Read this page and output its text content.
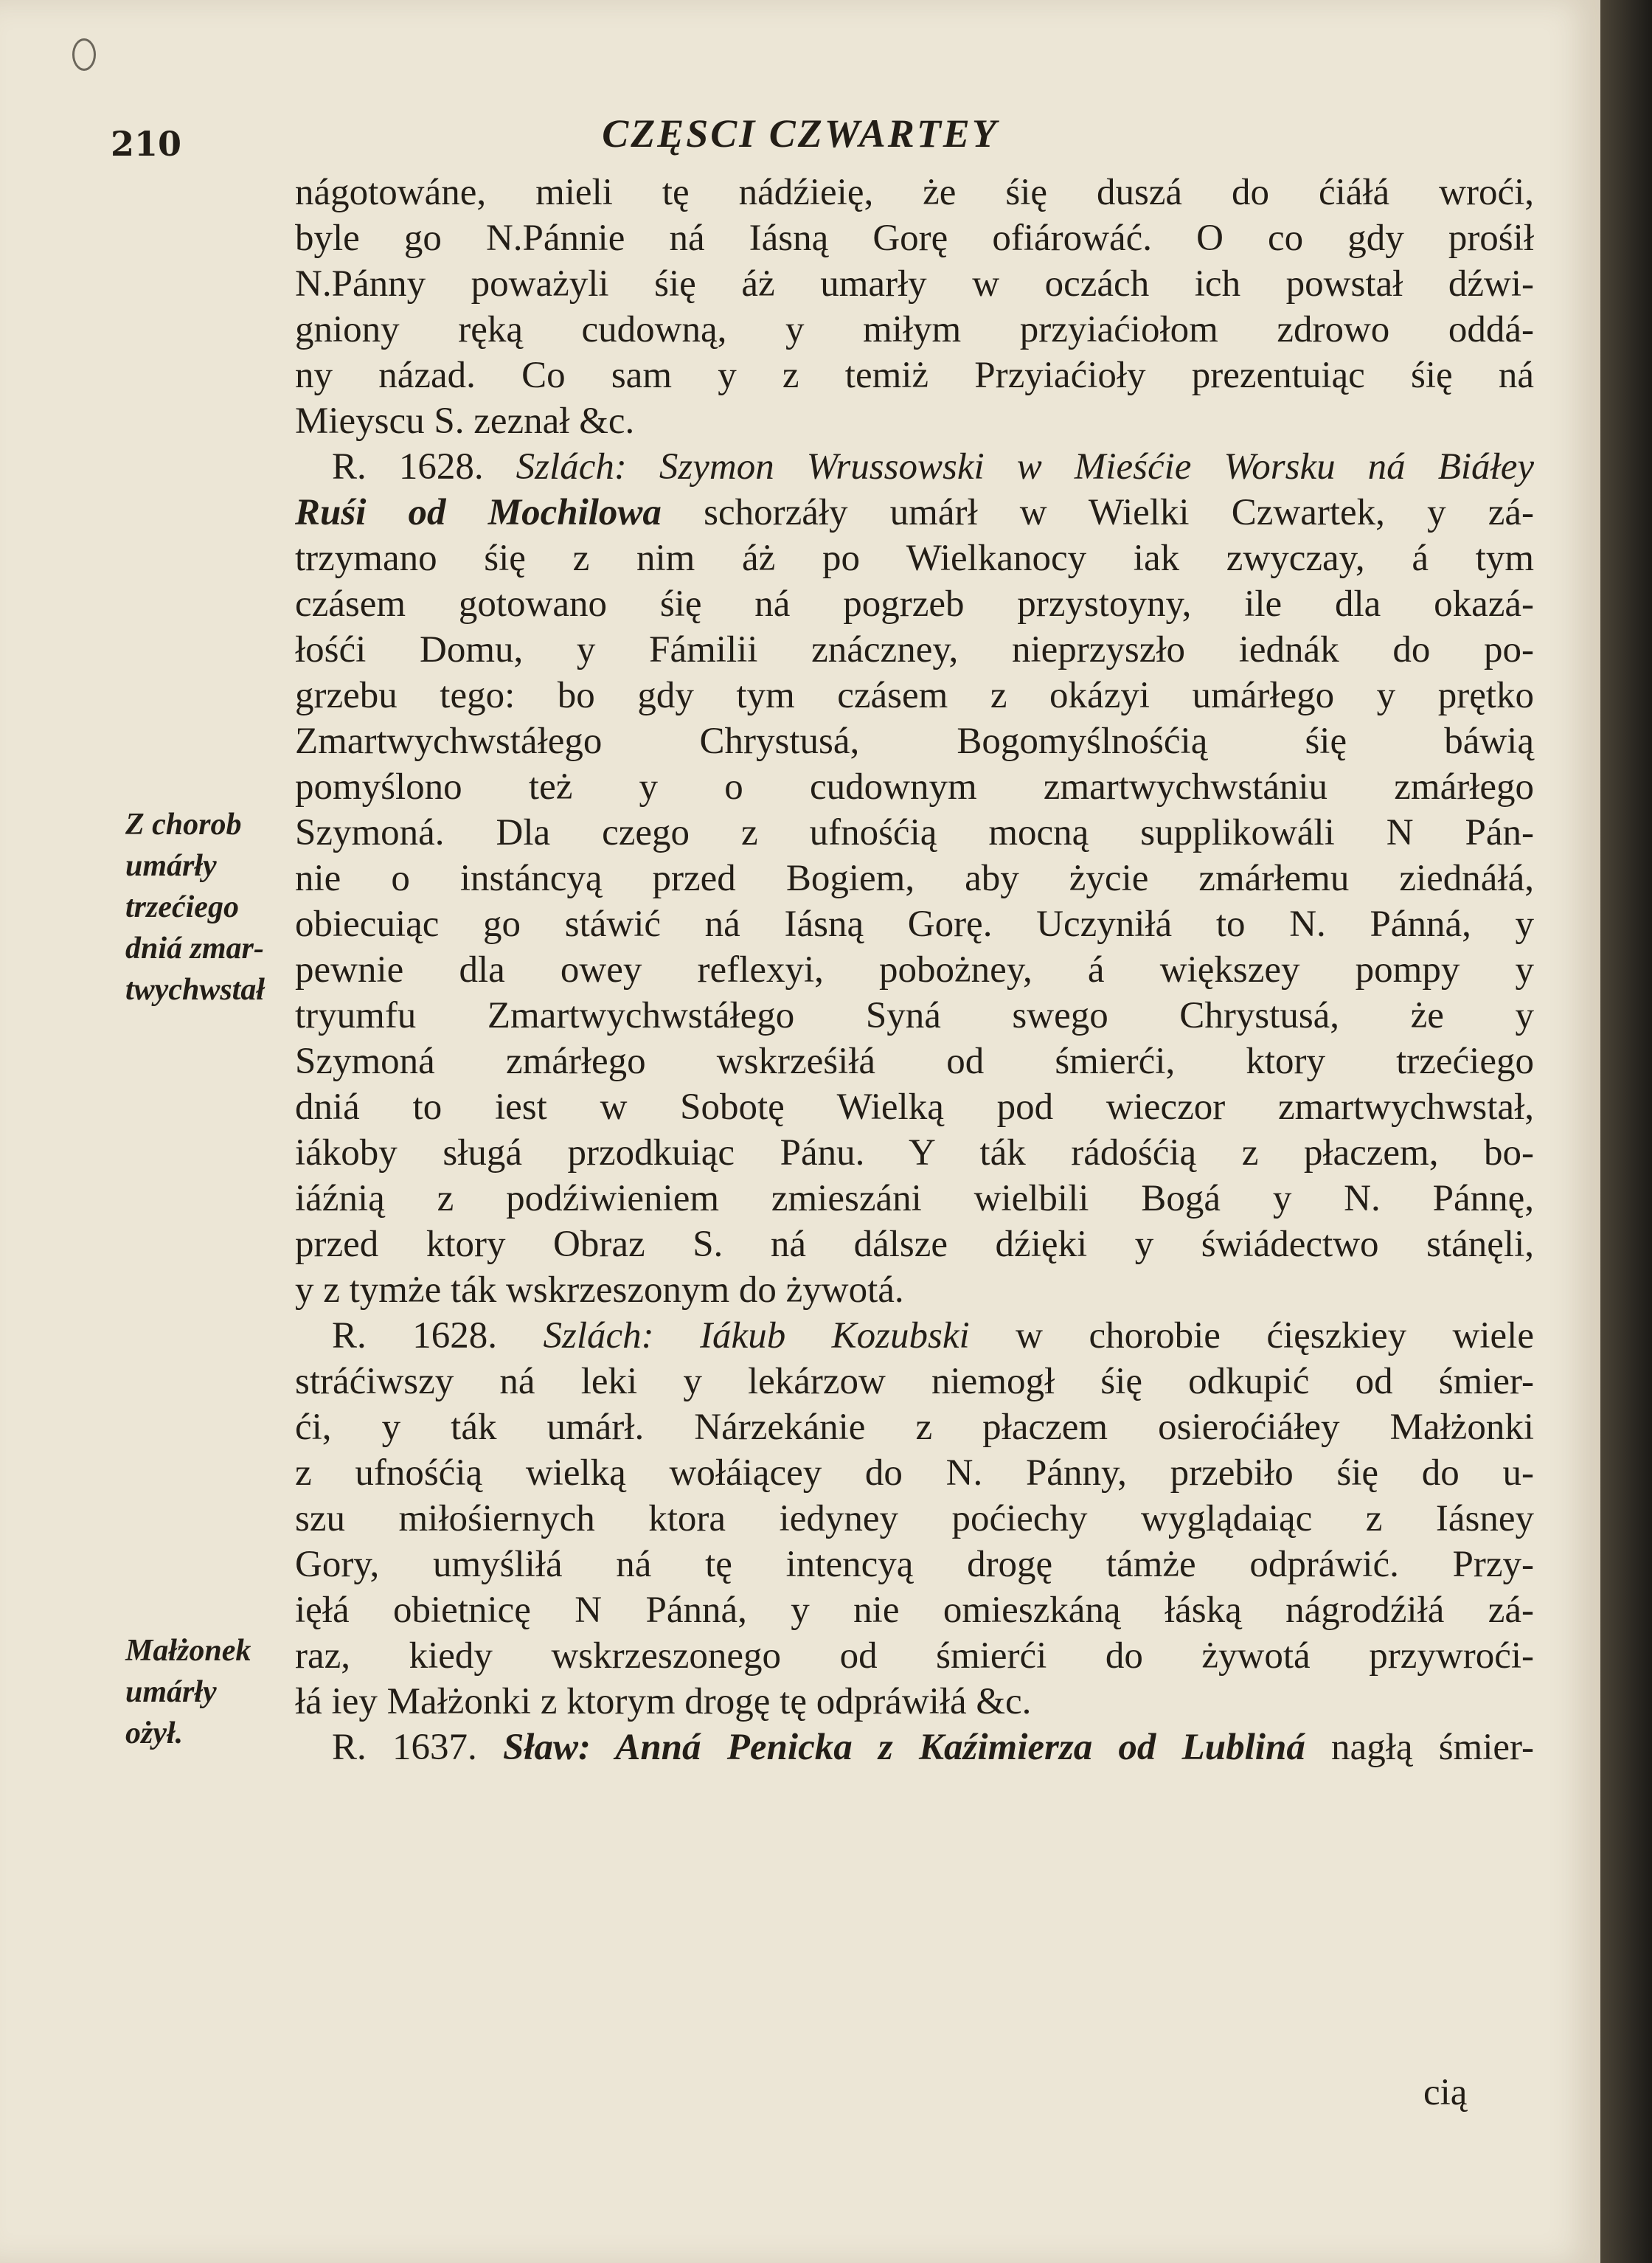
210	CZĘSCI CZWARTEY
nágotowáne, mieli tę nádźieię, że śię duszá do ćiáłá wroći,
byle go N.Pánnie ná Iásną Gorę ofiárowáć. O co gdy prośił
N.Pánny poważyli śię áż umarły w oczách ich powstał dźwi-
gniony ręką cudowną, y miłym przyiaćiołom zdrowo oddá-
ny názad. Co sam y z temiż Przyiaćioły prezentuiąc śię ná
Mieyscu S. zeznał &c.
R. 1628. Szlách: Szymon Wrussowski w Mieśćie Worsku ná Biáłey
Ruśi od Mochilowa schorzáły umárł w Wielki Czwartek, y zá-
trzymano śię z nim áż po Wielkanocy iak zwyczay, á tym
czásem gotowano śię ná pogrzeb przystoyny, ile dla okazá-
łośći Domu, y Fámilii znáczney, nieprzyszło iednák do po-
grzebu tego: bo gdy tym czásem z okázyi umárłego y prętko
Zmartwychwstáłego Chrystusá, Bogomyślnośćią śię báwią
pomyślono też y o cudownym zmartwychwstániu zmárłego
Szymoná. Dla czego z ufnośćią mocną supplikowáli N Pán-
nie o instáncyą przed Bogiem, aby życie zmárłemu ziednáłá,
obiecuiąc go stáwić ná Iásną Gorę. Uczyniłá to N. Pánná, y
pewnie dla owey reflexyi, pobożney, á większey pompy y
tryumfu Zmartwychwstáłego Syná swego Chrystusá, że y
Szymoná zmárłego wskrześiłá od śmierći, ktory trzećiego
dniá to iest w Sobotę Wielką pod wieczor zmartwychwstał,
iákoby sługá przodkuiąc Pánu. Y ták rádośćią z płaczem, bo-
iáźnią z podźiwieniem zmieszáni wielbili Bogá y N. Pánnę,
przed ktory Obraz S. ná dálsze dźięki y świádectwo stánęli,
y z tymże ták wskrzeszonym do żywotá.
R. 1628. Szlách: Iákub Kozubski w chorobie ćięszkiey wiele
stráćiwszy ná leki y lekárzow niemogł śię odkupić od śmier-
ći, y ták umárł. Nárzekánie z płaczem osieroćiáłey Małżonki
z ufnośćią wielką wołáiącey do N. Pánny, przebiło śię do u-
szu miłośiernych ktora iedyney poćiechy wyglądaiąc z Iásney
Gory, umyśliłá ná tę intencyą drogę támże odpráwić. Przy-
ięłá obietnicę N Pánná, y nie omieszkáną łáską nágrodźiłá zá-
raz, kiedy wskrzeszonego od śmierći do żywotá przywroći-
łá iey Małżonki z ktorym drogę tę odpráwiłá &c.
R. 1637. Sław: Anná Penicka z Kaźimierza od Lubliná nagłą śmier-
Z chorob
umárły
trzećiego
dniá zmar-
twychwstał
Małżonek
umárły
ożył.
cią
